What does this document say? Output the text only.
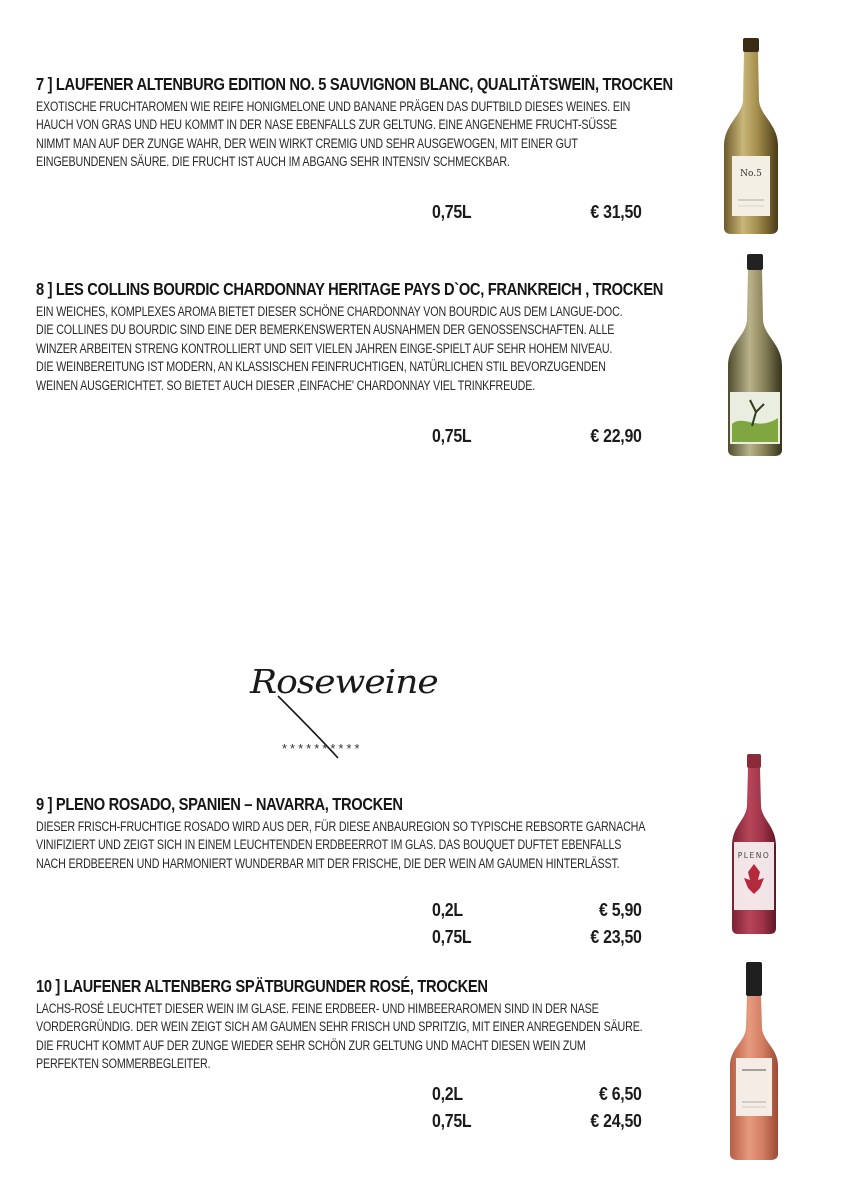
7 ] LAUFENER ALTENBURG EDITION NO. 5 SAUVIGNON BLANC, QUALITÄTSWEIN, TROCKEN

EXOTISCHE FRUCHTAROMEN WIE REIFE HONIGMELONE UND BANANE PRÄGEN DAS DUFTBILD DIESES WEINES. EIN HAUCH VON GRAS UND HEU KOMMT IN DER NASE EBENFALLS ZUR GELTUNG. EINE ANGENEHME FRUCHT-SÜSSE NIMMT MAN AUF DER ZUNGE WAHR, DER WEIN WIRKT CREMIG UND SEHR AUSGEWOGEN, MIT EINER GUT EINGEBUNDENEN SÄURE. DIE FRUCHT IST AUCH IM ABGANG SEHR INTENSIV SCHMECKBAR.

0,75L	€ 31,50
8 ] LES COLLINS BOURDIC CHARDONNAY HERITAGE PAYS D`OC, FRANKREICH , TROCKEN

EIN WEICHES, KOMPLEXES AROMA BIETET DIESER SCHÖNE CHARDONNAY VON BOURDIC AUS DEM LANGUE-DOC. DIE COLLINES DU BOURDIC SIND EINE DER BEMERKENSWERTEN AUSNAHMEN DER GENOSSENSCHAFTEN. ALLE WINZER ARBEITEN STRENG KONTROLLIERT UND SEIT VIELEN JAHREN EINGE-SPIELT AUF SEHR HOHEM NIVEAU. DIE WEINBEREITUNG IST MODERN, AN KLASSISCHEN FEINFRUCHTIGEN, NATÜRLICHEN STIL BEVORZUGENDEN WEINEN AUSGERICHTET. SO BIETET AUCH DIESER ‚EINFACHE' CHARDONNAY VIEL TRINKFREUDE.

0,75L	€ 22,90
Roseweine
**********
9 ] PLENO ROSADO, SPANIEN – NAVARRA, TROCKEN

DIESER FRISCH-FRUCHTIGE ROSADO WIRD AUS DER, FÜR DIESE ANBAUREGION SO TYPISCHE REBSORTE GARNACHA VINIFIZIERT UND ZEIGT SICH IN EINEM LEUCHTENDEN ERDBEERROT IM GLAS. DAS BOUQUET DUFTET EBENFALLS NACH ERDBEEREN UND HARMONIERT WUNDERBAR MIT DER FRISCHE, DIE DER WEIN AM GAUMEN HINTERLÄSST.

0,2L	€ 5,90
0,75L	€ 23,50
10 ] LAUFENER ALTENBERG SPÄTBURGUNDER ROSÉ, TROCKEN

LACHS-ROSÉ LEUCHTET DIESER WEIN IM GLASE. FEINE ERDBEER- UND HIMBEERAROMEN SIND IN DER NASE VORDERGRÜNDIG. DER WEIN ZEIGT SICH AM GAUMEN SEHR FRISCH UND SPRITZIG, MIT EINER ANREGENDEN SÄURE. DIE FRUCHT KOMMT AUF DER ZUNGE WIEDER SEHR SCHÖN ZUR GELTUNG UND MACHT DIESEN WEIN ZUM PERFEKTEN SOMMERBEGLEITER.

0,2L	€ 6,50
0,75L	€ 24,50
No.5
PLENO
